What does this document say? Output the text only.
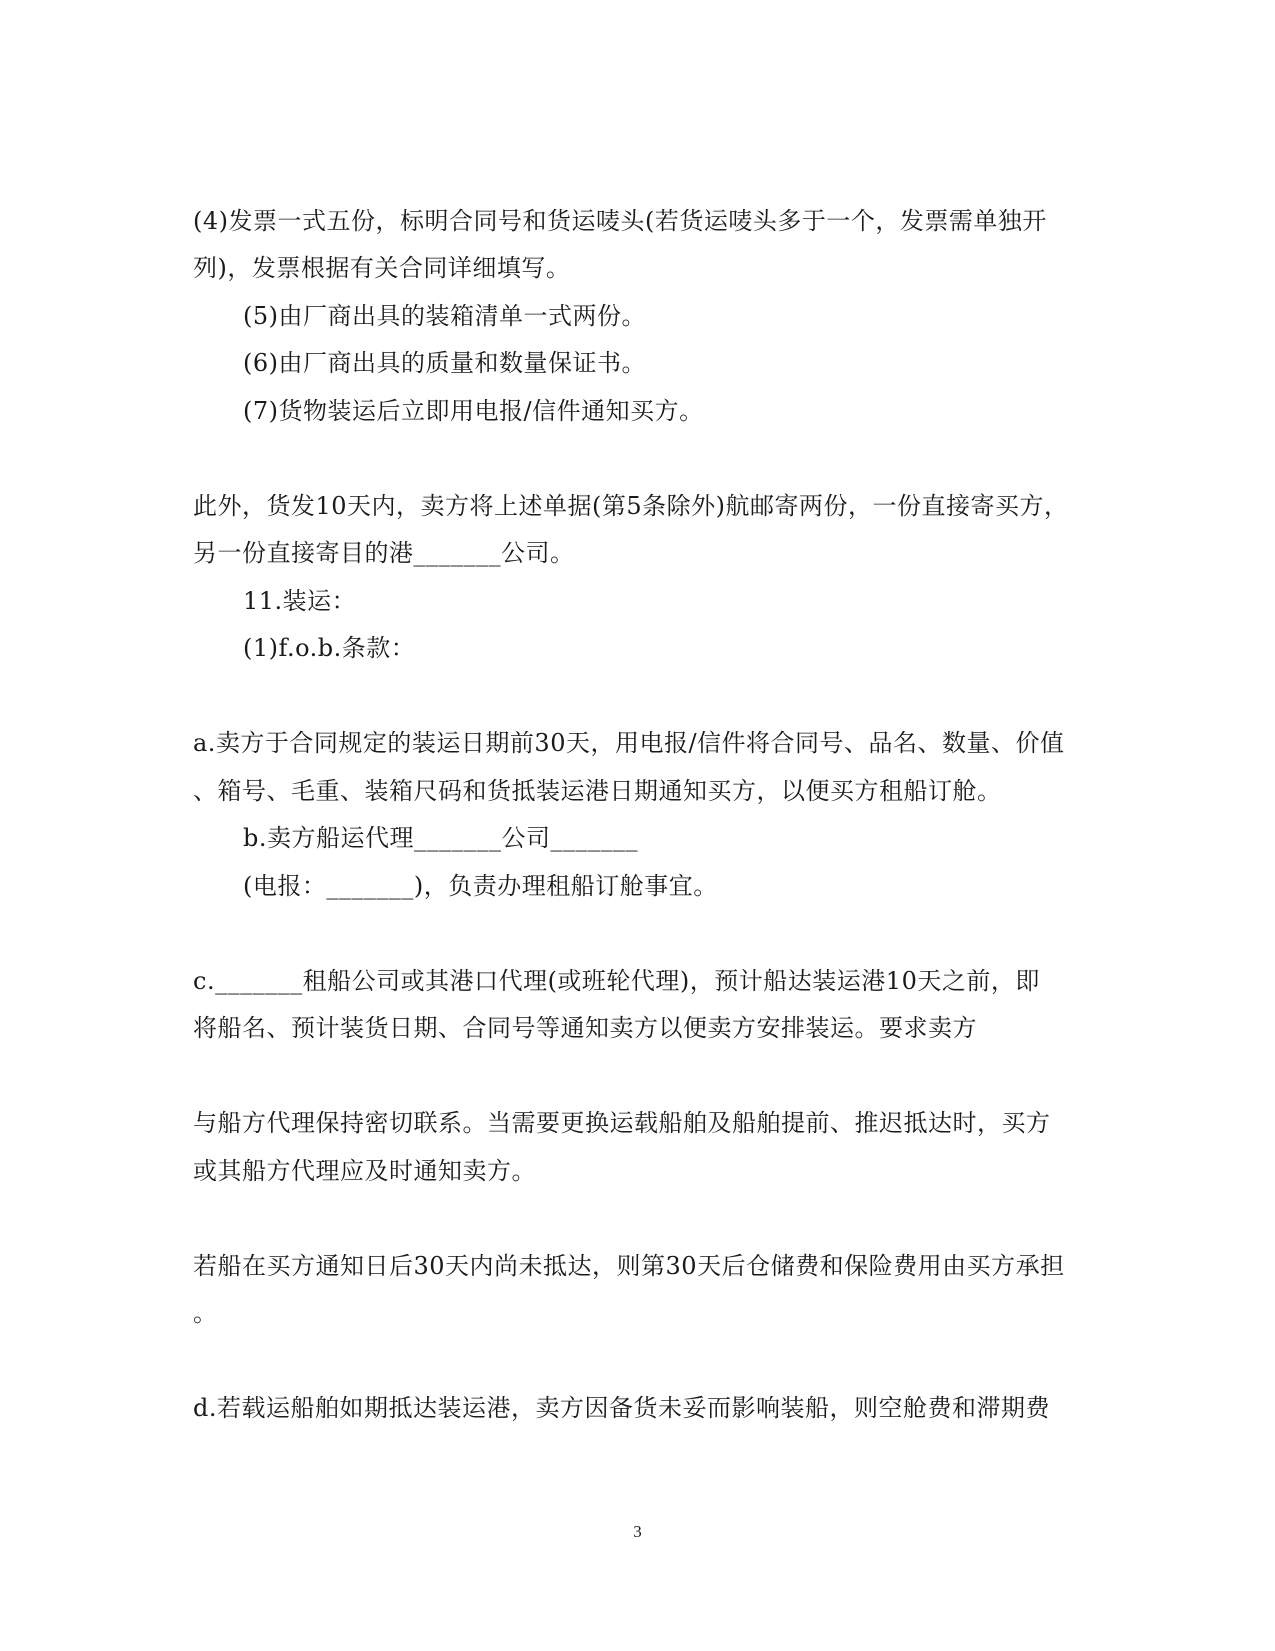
(4)发票一式五份，标明合同号和货运唛头(若货运唛头多于一个，发票需单独开
列)，发票根据有关合同详细填写。
(5)由厂商出具的装箱清单一式两份。
(6)由厂商出具的质量和数量保证书。
(7)货物装运后立即用电报/信件通知买方。
此外，货发10天内，卖方将上述单据(第5条除外)航邮寄两份，一份直接寄买方，
另一份直接寄目的港_______公司。
11.装运：
(1)f.o.b.条款：
a.卖方于合同规定的装运日期前30天，用电报/信件将合同号、品名、数量、价值
、箱号、毛重、装箱尺码和货抵装运港日期通知买方，以便买方租船订舱。
b.卖方船运代理_______公司_______
(电报：_______)，负责办理租船订舱事宜。
c._______租船公司或其港口代理(或班轮代理)，预计船达装运港10天之前，即
将船名、预计装货日期、合同号等通知卖方以便卖方安排装运。要求卖方
与船方代理保持密切联系。当需要更换运载船舶及船舶提前、推迟抵达时，买方
或其船方代理应及时通知卖方。
若船在买方通知日后30天内尚未抵达，则第30天后仓储费和保险费用由买方承担
。
d.若载运船舶如期抵达装运港，卖方因备货未妥而影响装船，则空舱费和滞期费
3
